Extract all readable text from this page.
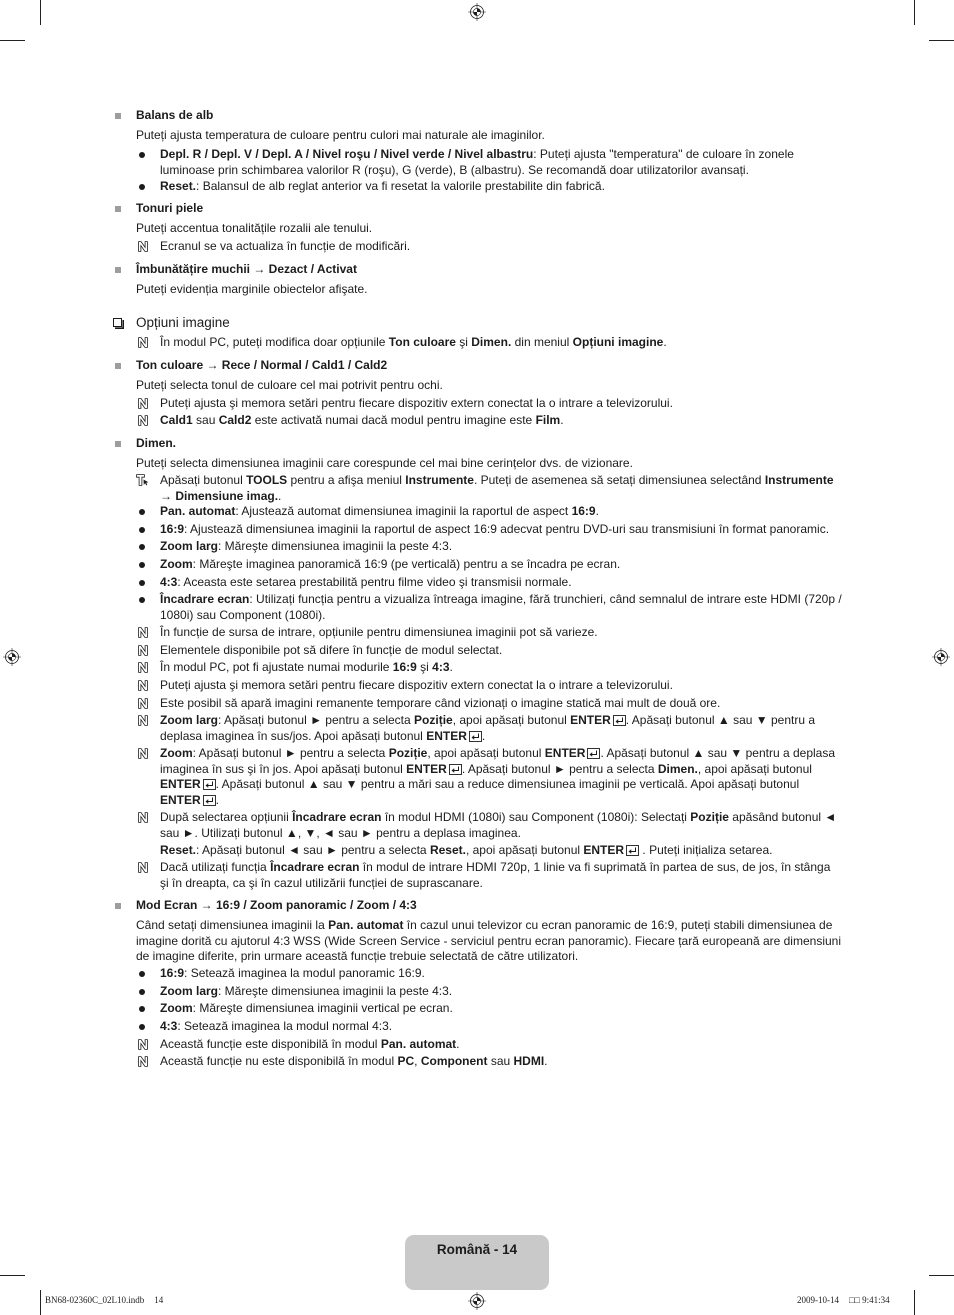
Balans de alb
Puteți ajusta temperatura de culoare pentru culori mai naturale ale imaginilor.
Depl. R / Depl. V / Depl. A / Nivel roşu / Nivel verde / Nivel albastru: Puteți ajusta "temperatura" de culoare în zonele luminoase prin schimbarea valorilor R (roşu), G (verde), B (albastru). Se recomandă doar utilizatorilor avansați.
Reset.: Balansul de alb reglat anterior va fi resetat la valorile prestabilite din fabrică.
Tonuri piele
Puteți accentua tonalitățile rozalii ale tenului.
Ecranul se va actualiza în funcție de modificări.
Îmbunătățire muchii → Dezact / Activat
Puteți evidenția marginile obiectelor afişate.
Opțiuni imagine
În modul PC, puteți modifica doar opțiunile Ton culoare şi Dimen. din meniul Opțiuni imagine.
Ton culoare → Rece / Normal / Cald1 / Cald2
Puteți selecta tonul de culoare cel mai potrivit pentru ochi.
Puteți ajusta şi memora setări pentru fiecare dispozitiv extern conectat la o intrare a televizorului.
Cald1 sau Cald2 este activată numai dacă modul pentru imagine este Film.
Dimen.
Puteți selecta dimensiunea imaginii care corespunde cel mai bine cerințelor dvs. de vizionare.
Apăsați butonul TOOLS pentru a afişa meniul Instrumente. Puteți de asemenea să setați dimensiunea selectând Instrumente → Dimensiune imag..
Pan. automat: Ajustează automat dimensiunea imaginii la raportul de aspect 16:9.
16:9: Ajustează dimensiunea imaginii la raportul de aspect 16:9 adecvat pentru DVD-uri sau transmisiuni în format panoramic.
Zoom larg: Măreşte dimensiunea imaginii la peste 4:3.
Zoom: Măreşte imaginea panoramică 16:9 (pe verticală) pentru a se încadra pe ecran.
4:3: Aceasta este setarea prestabilită pentru filme video şi transmisii normale.
Încadrare ecran: Utilizați funcția pentru a vizualiza întreaga imagine, fără trunchieri, când semnalul de intrare este HDMI (720p / 1080i) sau Component (1080i).
În funcție de sursa de intrare, opțiunile pentru dimensiunea imaginii pot să varieze.
Elementele disponibile pot să difere în funcție de modul selectat.
În modul PC, pot fi ajustate numai modurile 16:9 şi 4:3.
Puteți ajusta şi memora setări pentru fiecare dispozitiv extern conectat la o intrare a televizorului.
Este posibil să apară imagini remanente temporare când vizionați o imagine statică mai mult de două ore.
Zoom larg: Apăsați butonul ► pentru a selecta Poziție, apoi apăsați butonul ENTER . Apăsați butonul ▲ sau ▼ pentru a deplasa imaginea în sus/jos. Apoi apăsați butonul ENTER .
Zoom: Apăsați butonul ► pentru a selecta Poziție, apoi apăsați butonul ENTER . Apăsați butonul ▲ sau ▼ pentru a deplasa imaginea în sus şi în jos. Apoi apăsați butonul ENTER . Apăsați butonul ► pentru a selecta Dimen., apoi apăsați butonul ENTER . Apăsați butonul ▲ sau ▼ pentru a mări sau a reduce dimensiunea imaginii pe verticală. Apoi apăsați butonul ENTER .
După selectarea opțiunii Încadrare ecran în modul HDMI (1080i) sau Component (1080i): Selectați Poziție apăsând butonul ◄ sau ►. Utilizați butonul ▲, ▼, ◄ sau ► pentru a deplasa imaginea.
Reset.: Apăsați butonul ◄ sau ► pentru a selecta Reset., apoi apăsați butonul ENTER
. Puteți inițializa setarea.
Dacă utilizați funcția Încadrare ecran în modul de intrare HDMI 720p, 1 linie va fi suprimată în partea de sus, de jos, în stânga şi în dreapta, ca şi în cazul utilizării funcției de suprascanare.
Mod Ecran → 16:9 / Zoom panoramic / Zoom / 4:3
Când setați dimensiunea imaginii la Pan. automat în cazul unui televizor cu ecran panoramic de 16:9, puteți stabili dimensiunea de imagine dorită cu ajutorul 4:3 WSS (Wide Screen Service - serviciul pentru ecran panoramic). Fiecare țară europeană are dimensiuni de imagine diferite, prin urmare această funcție trebuie selectată de către utilizatori.
16:9: Setează imaginea la modul panoramic 16:9.
Zoom larg: Măreşte dimensiunea imaginii la peste 4:3.
Zoom: Măreşte dimensiunea imaginii vertical pe ecran.
4:3: Setează imaginea la modul normal 4:3.
Această funcție este disponibilă în modul Pan. automat.
Această funcție nu este disponibilă în modul PC, Component sau HDMI.
Română - 14
BN68-02360C_02L10.indb 14	2009-10-14 □□ 9:41:34
